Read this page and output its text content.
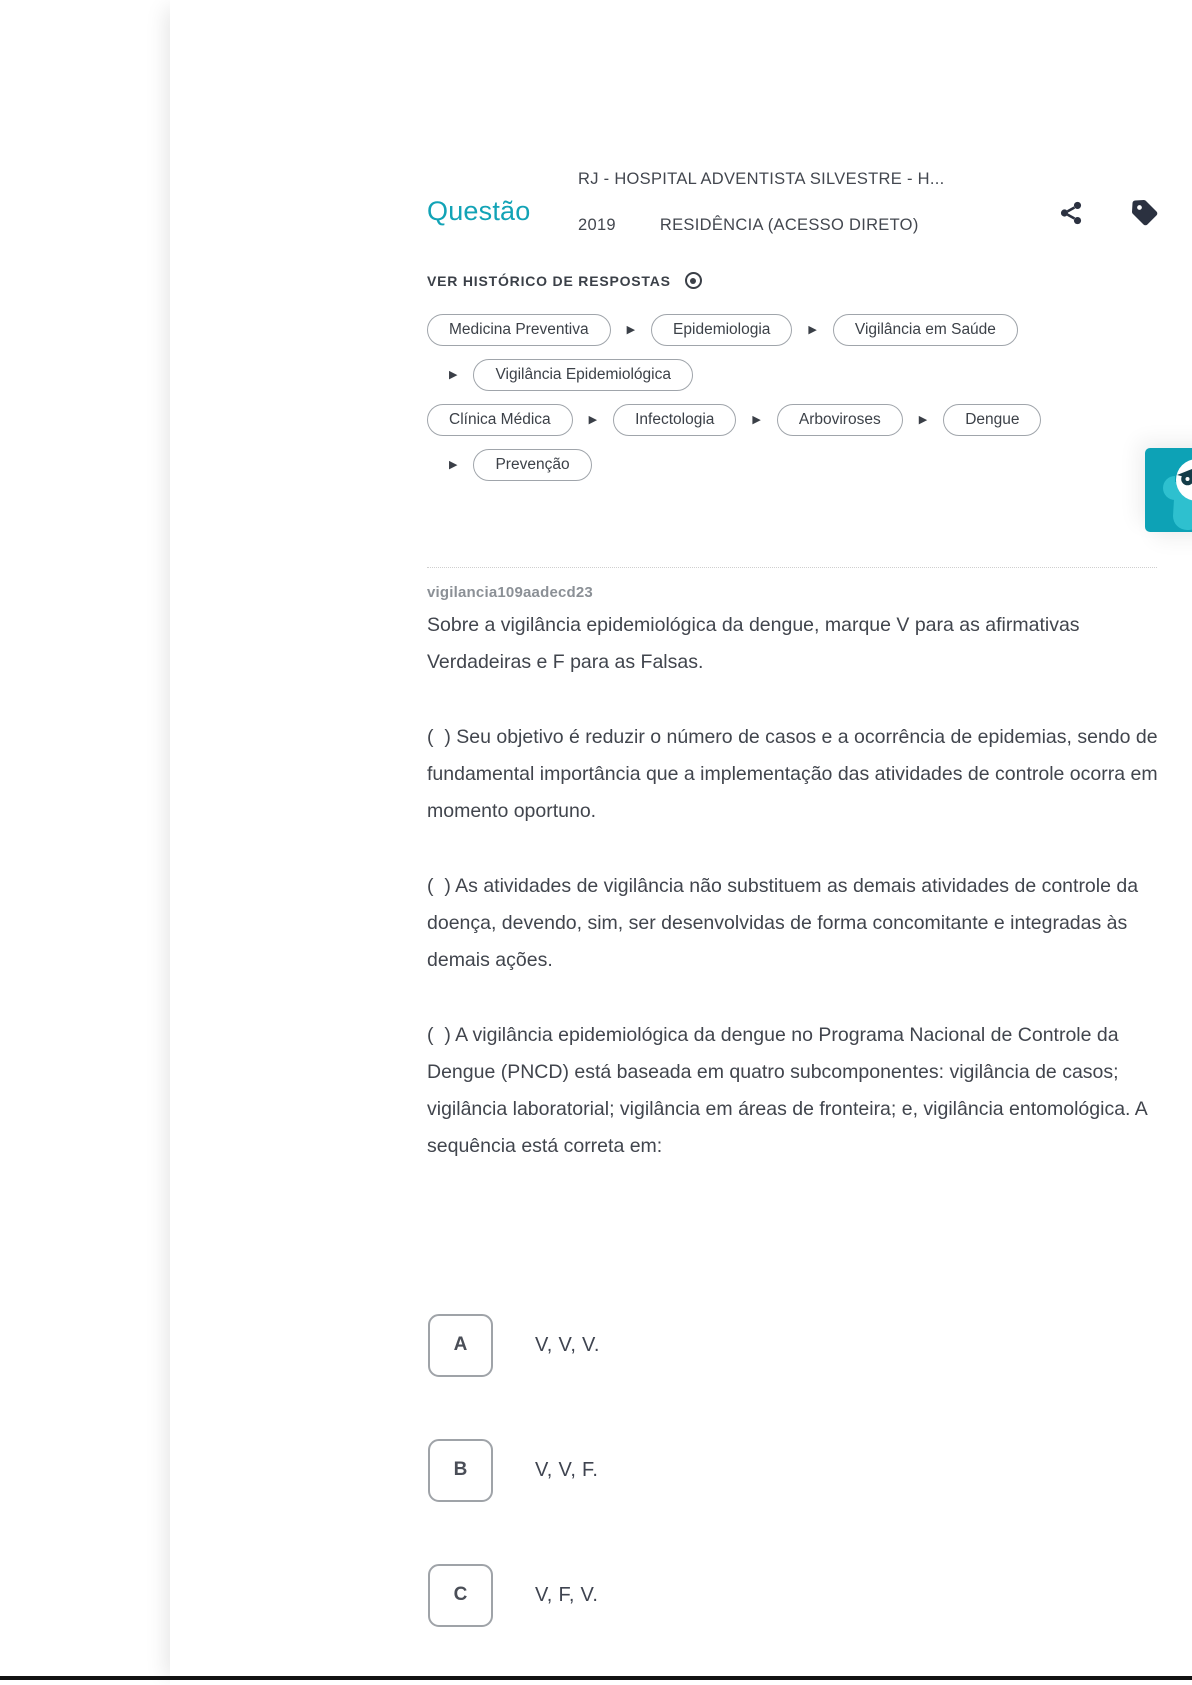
Questão
RJ - HOSPITAL ADVENTISTA SILVESTRE - H...
2019	RESIDÊNCIA (ACESSO DIRETO)
VER HISTÓRICO DE RESPOSTAS
Medicina Preventiva	▶	Epidemiologia	▶	Vigilância em Saúde
▶	Vigilância Epidemiológica
Clínica Médica	▶	Infectologia	▶	Arboviroses	▶	Dengue
▶	Prevenção
vigilancia109aadecd23

Sobre a vigilância epidemiológica da dengue, marque V para as afirmativas Verdadeiras e F para as Falsas.

(  ) Seu objetivo é reduzir o número de casos e a ocorrência de epidemias, sendo de fundamental importância que a implementação das atividades de controle ocorra em momento oportuno.

(  ) As atividades de vigilância não substituem as demais atividades de controle da doença, devendo, sim, ser desenvolvidas de forma concomitante e integradas às demais ações.

(  ) A vigilância epidemiológica da dengue no Programa Nacional de Controle da Dengue (PNCD) está baseada em quatro subcomponentes: vigilância de casos; vigilância laboratorial; vigilância em áreas de fronteira; e, vigilância entomológica. A sequência está correta em:

A	V, V, V.
B	V, V, F.
C	V, F, V.
